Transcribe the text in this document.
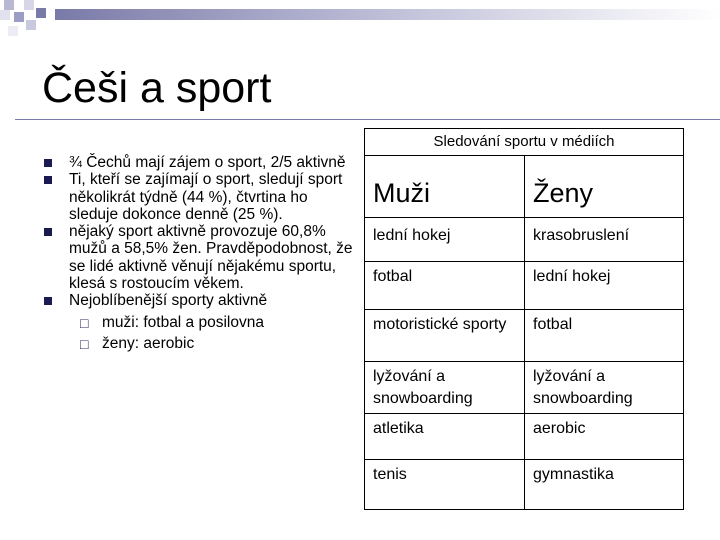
Češi a sport
¾ Čechů mají zájem o sport, 2/5 aktivně
Ti, kteří se zajímají o sport, sledují sport několikrát týdně (44 %), čtvrtina ho sleduje dokonce denně (25 %).
nějaký sport aktivně provozuje 60,8% mužů a 58,5% žen. Pravděpodobnost, že se lidé aktivně věnují nějakému sportu, klesá s rostoucím věkem.
Nejoblíbenější sporty aktivně
□ muži: fotbal a posilovna
□ ženy: aerobic
Sledování sportu v médiích
Muži	Ženy
lední hokej	krasobruslení
fotbal	lední hokej
motoristické sporty	fotbal
lyžování a snowboarding	lyžování a snowboarding
atletika	aerobic
tenis	gymnastika
